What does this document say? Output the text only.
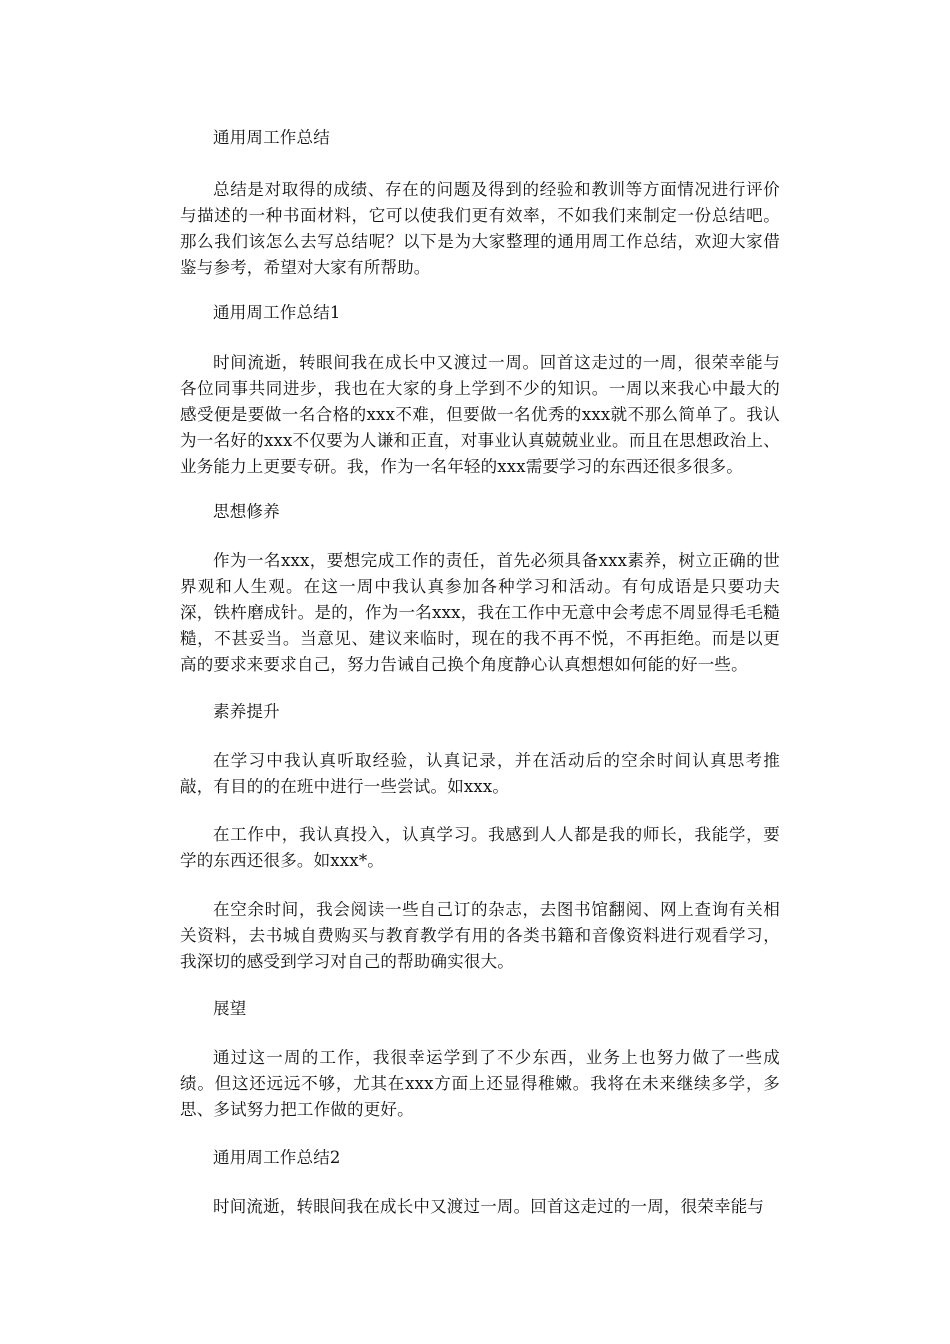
通用周工作总结

总结是对取得的成绩、存在的问题及得到的经验和教训等方面情况进行评价与描述的一种书面材料，它可以使我们更有效率，不如我们来制定一份总结吧。那么我们该怎么去写总结呢？以下是为大家整理的通用周工作总结，欢迎大家借鉴与参考，希望对大家有所帮助。

通用周工作总结1

时间流逝，转眼间我在成长中又渡过一周。回首这走过的一周，很荣幸能与各位同事共同进步，我也在大家的身上学到不少的知识。一周以来我心中最大的感受便是要做一名合格的xxx不难，但要做一名优秀的xxx就不那么简单了。我认为一名好的xxx不仅要为人谦和正直，对事业认真兢兢业业。而且在思想政治上、业务能力上更要专研。我，作为一名年轻的xxx需要学习的东西还很多很多。

思想修养

作为一名xxx，要想完成工作的责任，首先必须具备xxx素养，树立正确的世界观和人生观。在这一周中我认真参加各种学习和活动。有句成语是只要功夫深，铁杵磨成针。是的，作为一名xxx，我在工作中无意中会考虑不周显得毛毛糙糙，不甚妥当。当意见、建议来临时，现在的我不再不悦，不再拒绝。而是以更高的要求来要求自己，努力告诫自己换个角度静心认真想想如何能的好一些。

素养提升

在学习中我认真听取经验，认真记录，并在活动后的空余时间认真思考推敲，有目的的在班中进行一些尝试。如xxx。

在工作中，我认真投入，认真学习。我感到人人都是我的师长，我能学，要学的东西还很多。如xxx*。

在空余时间，我会阅读一些自己订的杂志，去图书馆翻阅、网上查询有关相关资料，去书城自费购买与教育教学有用的各类书籍和音像资料进行观看学习，我深切的感受到学习对自己的帮助确实很大。

展望

通过这一周的工作，我很幸运学到了不少东西，业务上也努力做了一些成绩。但这还远远不够，尤其在xxx方面上还显得稚嫩。我将在未来继续多学，多思、多试努力把工作做的更好。

通用周工作总结2

时间流逝，转眼间我在成长中又渡过一周。回首这走过的一周，很荣幸能与
